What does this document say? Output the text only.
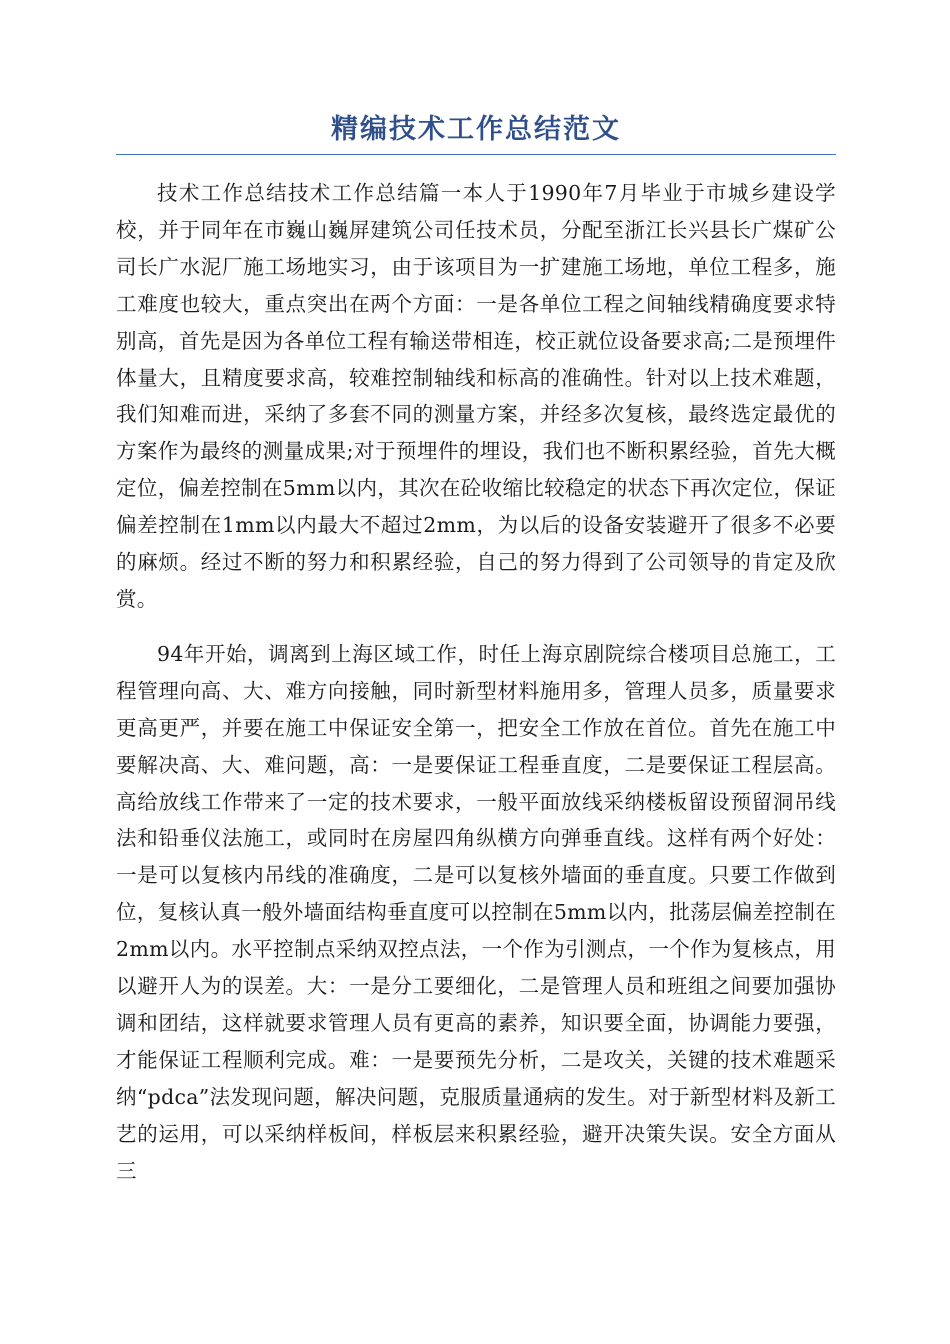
精编技术工作总结范文

技术工作总结技术工作总结篇一本人于1990年7月毕业于市城乡建设学校，并于同年在市巍山巍屏建筑公司任技术员，分配至浙江长兴县长广煤矿公司长广水泥厂施工场地实习，由于该项目为一扩建施工场地，单位工程多，施工难度也较大，重点突出在两个方面：一是各单位工程之间轴线精确度要求特别高，首先是因为各单位工程有输送带相连，校正就位设备要求高;二是预埋件体量大，且精度要求高，较难控制轴线和标高的准确性。针对以上技术难题，我们知难而进，采纳了多套不同的测量方案，并经多次复核，最终选定最优的方案作为最终的测量成果;对于预埋件的埋设，我们也不断积累经验，首先大概定位，偏差控制在5mm以内，其次在砼收缩比较稳定的状态下再次定位，保证偏差控制在1mm以内最大不超过2mm，为以后的设备安装避开了很多不必要的麻烦。经过不断的努力和积累经验，自己的努力得到了公司领导的肯定及欣赏。

94年开始，调离到上海区域工作，时任上海京剧院综合楼项目总施工，工程管理向高、大、难方向接触，同时新型材料施用多，管理人员多，质量要求更高更严，并要在施工中保证安全第一，把安全工作放在首位。首先在施工中要解决高、大、难问题，高：一是要保证工程垂直度，二是要保证工程层高。高给放线工作带来了一定的技术要求，一般平面放线采纳楼板留设预留洞吊线法和铅垂仪法施工，或同时在房屋四角纵横方向弹垂直线。这样有两个好处：一是可以复核内吊线的准确度，二是可以复核外墙面的垂直度。只要工作做到位，复核认真一般外墙面结构垂直度可以控制在5mm以内，批荡层偏差控制在2mm以内。水平控制点采纳双控点法，一个作为引测点，一个作为复核点，用以避开人为的误差。大：一是分工要细化，二是管理人员和班组之间要加强协调和团结，这样就要求管理人员有更高的素养，知识要全面，协调能力要强，才能保证工程顺利完成。难：一是要预先分析，二是攻关，关键的技术难题采纳“pdca”法发现问题，解决问题，克服质量通病的发生。对于新型材料及新工艺的运用，可以采纳样板间，样板层来积累经验，避开决策失误。安全方面从三
